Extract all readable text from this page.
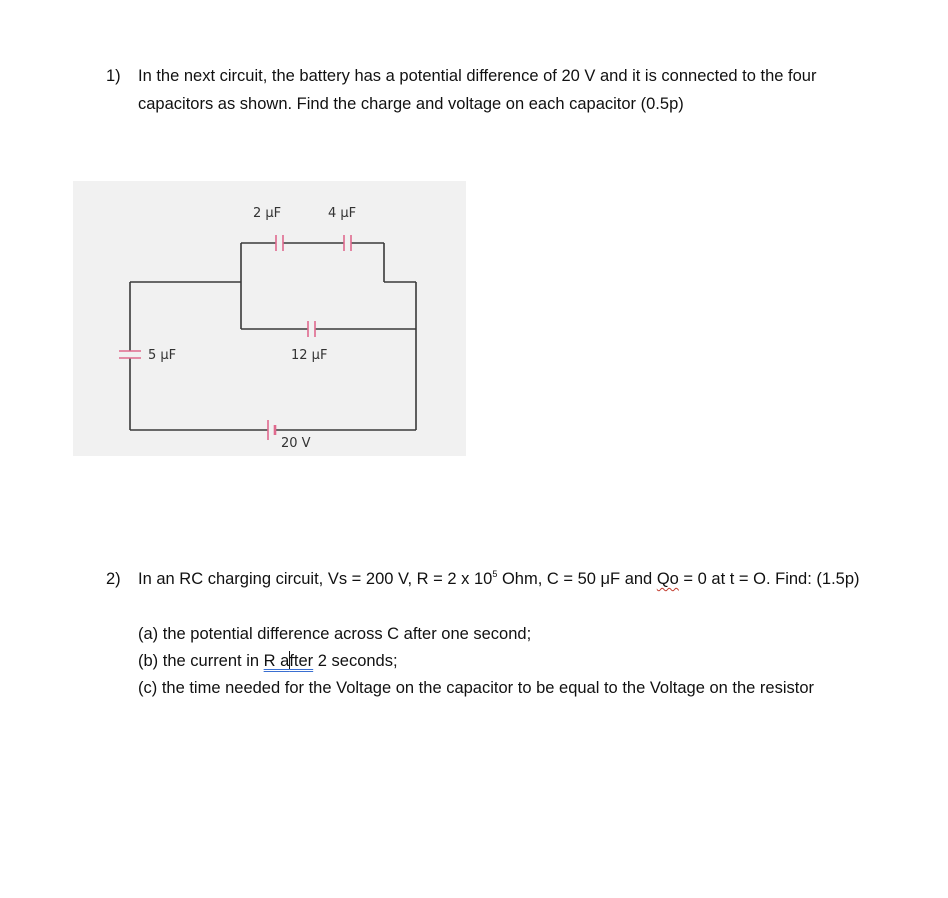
1) In the next circuit, the battery has a potential difference of 20 V and it is connected to the four

capacitors as shown. Find the charge and voltage on each capacitor (0.5p)

2 μF	4 μF
5 μF	12 μF
20 V
2) In an RC charging circuit, Vs = 200 V, R = 2 x $10^5$ Ohm, C = 50 μF and Qo = 0 at t = O. Find: (1.5p)

(a) the potential difference across C after one second;

(b) the current in R after 2 seconds;

(c) the time needed for the Voltage on the capacitor to be equal to the Voltage on the resistor
